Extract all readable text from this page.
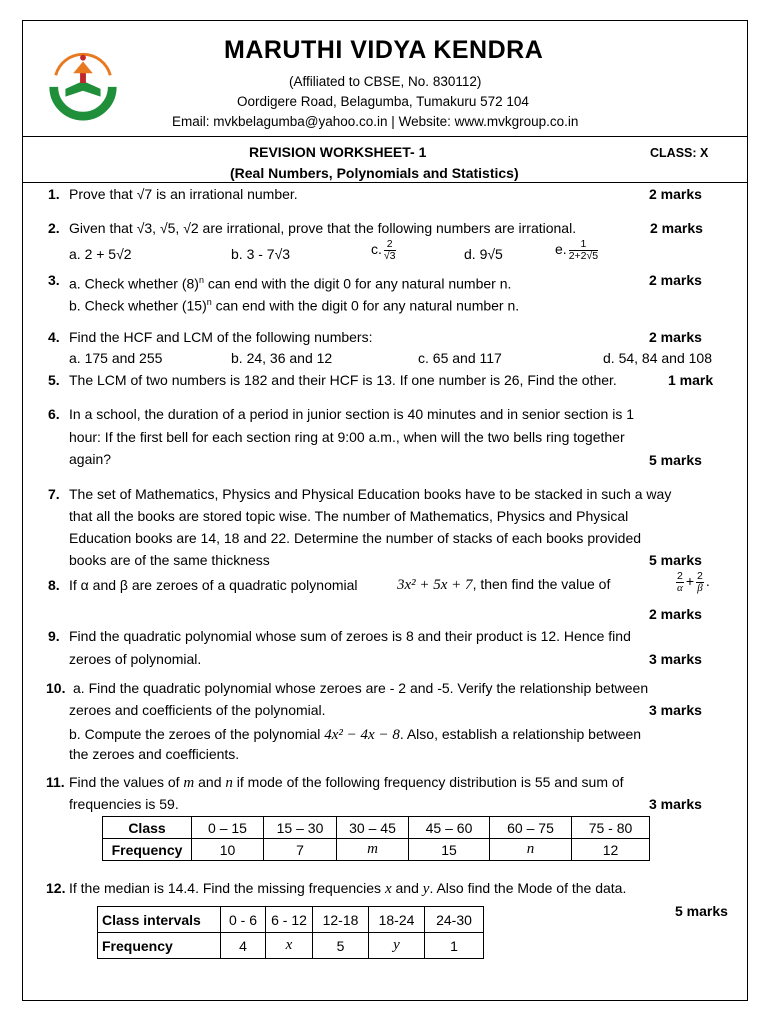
MARUTHI VIDYA KENDRA
(Affiliated to CBSE, No. 830112)
Oordigere Road, Belagumba, Tumakuru 572 104
Email: mvkbelagumba@yahoo.co.in | Website: www.mvkgroup.co.in
REVISION WORKSHEET- 1	CLASS: X
(Real Numbers, Polynomials and Statistics)
1. Prove that √7 is an irrational number.	2 marks
2. Given that √3, √5, √2 are irrational, prove that the following numbers are irrational.	2 marks
a. 2 + 5√2	b. 3 - 7√3	c. $\frac{2}{√3}$	d. 9√5	e. $\frac{1}{2+2√5}$
3. a. Check whether $(8)^n$ can end with the digit 0 for any natural number n.	2 marks
b. Check whether $(15)^n$ can end with the digit 0 for any natural number n.
4. Find the HCF and LCM of the following numbers:	2 marks
a. 175 and 255	b. 24, 36 and 12	c. 65 and 117	d. 54, 84 and 108
5. The LCM of two numbers is 182 and their HCF is 13. If one number is 26, Find the other.	1 mark
6. In a school, the duration of a period in junior section is 40 minutes and in senior section is 1
hour: If the first bell for each section ring at 9:00 a.m., when will the two bells ring together
again?	5 marks
7. The set of Mathematics, Physics and Physical Education books have to be stacked in such a way
that all the books are stored topic wise. The number of Mathematics, Physics and Physical
Education books are 14, 18 and 22. Determine the number of stacks of each books provided
books are of the same thickness	5 marks
8. If α and β are zeroes of a quadratic polynomial	3x² + 5x + 7, then find the value of	$\frac{2}{\alpha} + \frac{2}{\beta}$ .
2 marks
9. Find the quadratic polynomial whose sum of zeroes is 8 and their product is 12. Hence find
zeroes of polynomial.	3 marks
10. a. Find the quadratic polynomial whose zeroes are - 2 and -5. Verify the relationship between
zeroes and coefficients of the polynomial.	3 marks
b. Compute the zeroes of the polynomial 4x² − 4x − 8. Also, establish a relationship between
the zeroes and coefficients.
11. Find the values of m and n if mode of the following frequency distribution is 55 and sum of
frequencies is 59.	3 marks
Class	0 – 15	15 – 30	30 – 45	45 – 60	60 – 75	75 - 80
Frequency	10	7	m	15	n	12
12. If the median is 14.4. Find the missing frequencies x and y. Also find the Mode of the data.
5 marks
Class intervals	0 - 6	6 - 12	12-18	18-24	24-30
Frequency	4	x	5	y	1
